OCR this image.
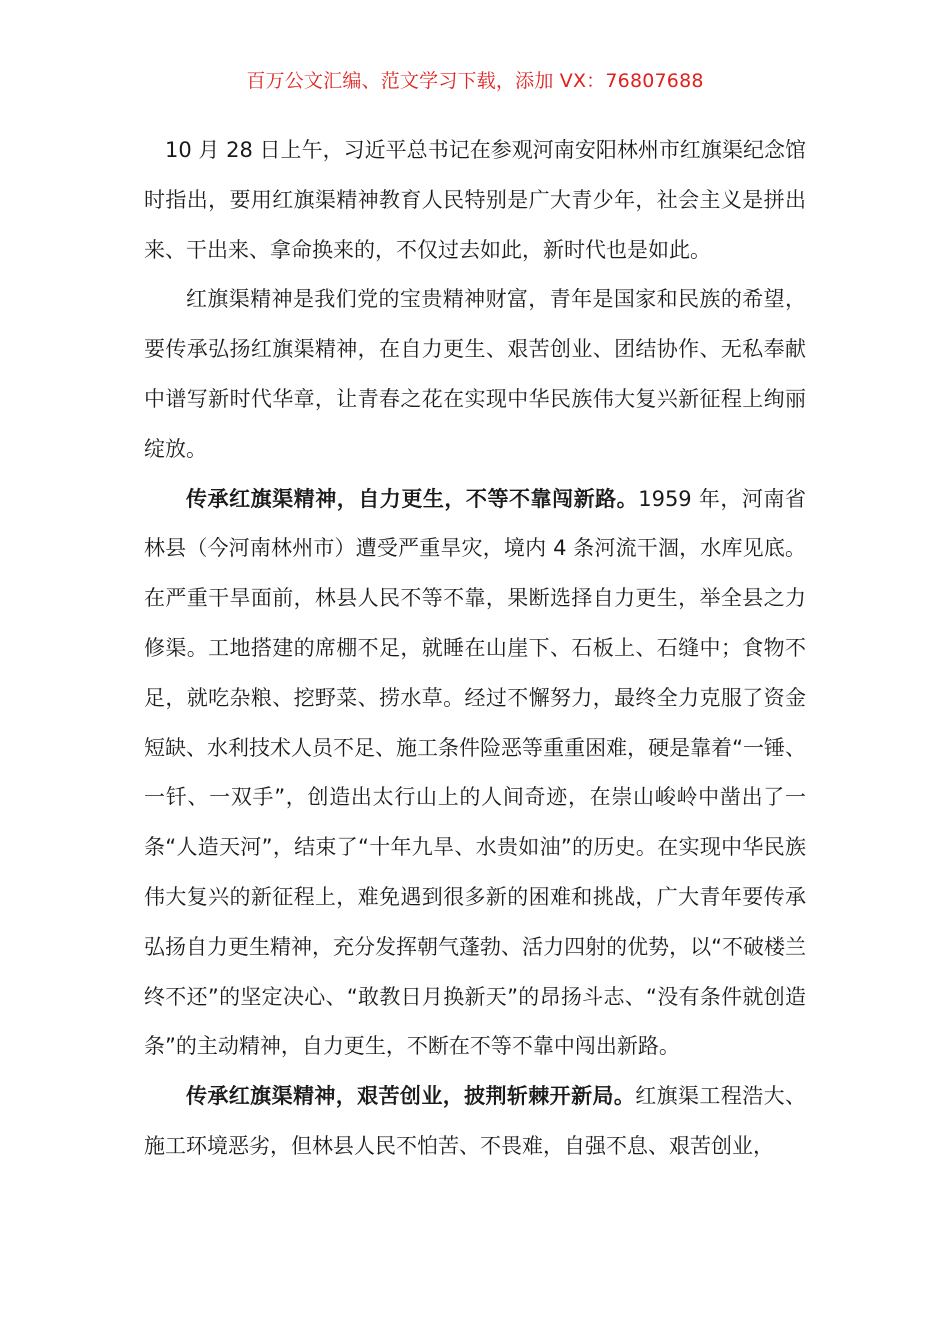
百万公文汇编、范文学习下载，添加 VX：76807688

10 月 28 日上午，习近平总书记在参观河南安阳林州市红旗渠纪念馆时指出，要用红旗渠精神教育人民特别是广大青少年，社会主义是拼出来、干出来、拿命换来的，不仅过去如此，新时代也是如此。

红旗渠精神是我们党的宝贵精神财富，青年是国家和民族的希望，要传承弘扬红旗渠精神，在自力更生、艰苦创业、团结协作、无私奉献中谱写新时代华章，让青春之花在实现中华民族伟大复兴新征程上绚丽绽放。

传承红旗渠精神，自力更生，不等不靠闯新路。1959 年，河南省林县（今河南林州市）遭受严重旱灾，境内 4 条河流干涸，水库见底。在严重干旱面前，林县人民不等不靠，果断选择自力更生，举全县之力修渠。工地搭建的席棚不足，就睡在山崖下、石板上、石缝中；食物不足，就吃杂粮、挖野菜、捞水草。经过不懈努力，最终全力克服了资金短缺、水利技术人员不足、施工条件险恶等重重困难，硬是靠着“一锤、一钎、一双手”，创造出太行山上的人间奇迹，在崇山峻岭中凿出了一条“人造天河”，结束了“十年九旱、水贵如油”的历史。在实现中华民族伟大复兴的新征程上，难免遇到很多新的困难和挑战，广大青年要传承弘扬自力更生精神，充分发挥朝气蓬勃、活力四射的优势，以“不破楼兰终不还”的坚定决心、“敢教日月换新天”的昂扬斗志、“没有条件就创造条”的主动精神，自力更生，不断在不等不靠中闯出新路。

传承红旗渠精神，艰苦创业，披荆斩棘开新局。红旗渠工程浩大、施工环境恶劣，但林县人民不怕苦、不畏难，自强不息、艰苦创业，
